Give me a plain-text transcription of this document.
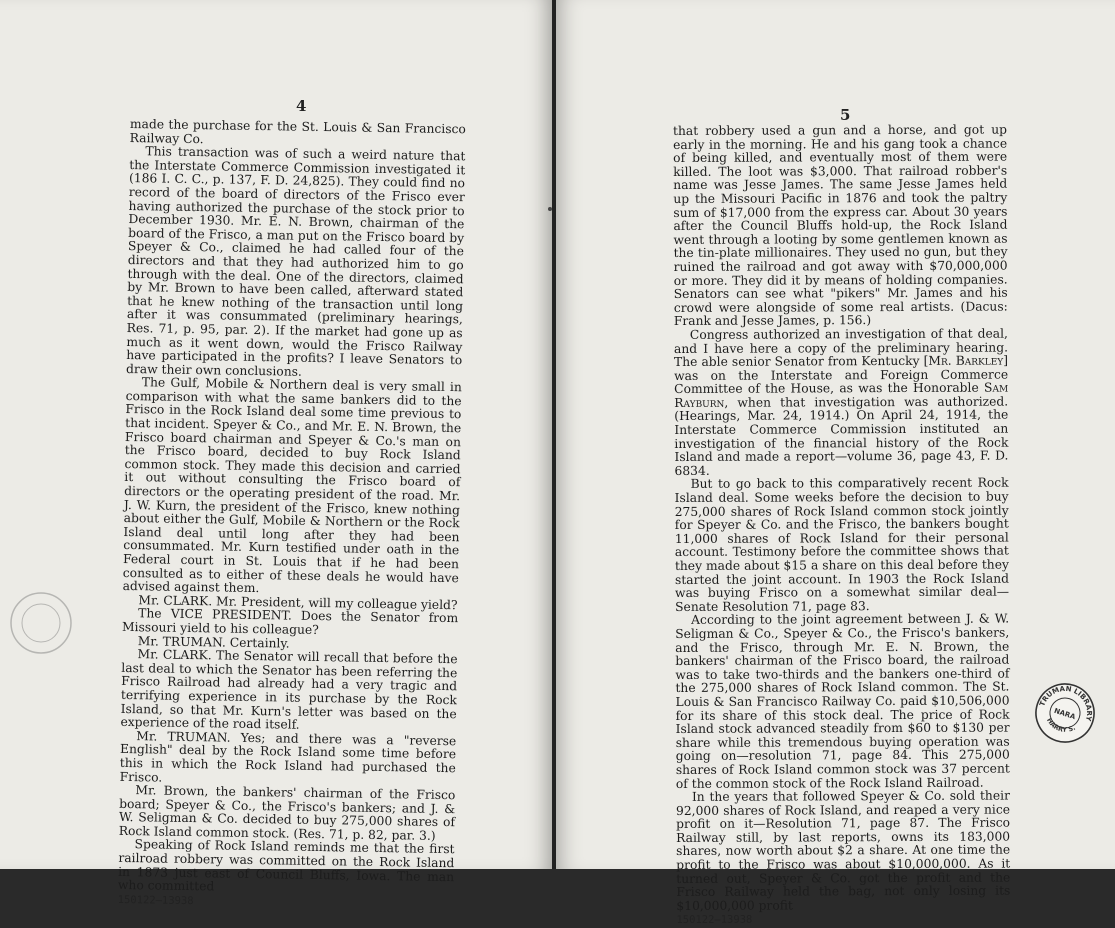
4

made the purchase for the St. Louis & San Francisco Railway Co.

This transaction was of such a weird nature that the Interstate Commerce Commission investigated it (186 I. C. C., p. 137, F. D. 24,825). They could find no record of the board of directors of the Frisco ever having authorized the purchase of the stock prior to December 1930. Mr. E. N. Brown, chairman of the board of the Frisco, a man put on the Frisco board by Speyer & Co., claimed he had called four of the directors and that they had authorized him to go through with the deal. One of the directors, claimed by Mr. Brown to have been called, afterward stated that he knew nothing of the transaction until long after it was consummated (preliminary hearings, Res. 71, p. 95, par. 2). If the market had gone up as much as it went down, would the Frisco Railway have participated in the profits? I leave Senators to draw their own conclusions.

The Gulf, Mobile & Northern deal is very small in comparison with what the same bankers did to the Frisco in the Rock Island deal some time previous to that incident. Speyer & Co., and Mr. E. N. Brown, the Frisco board chairman and Speyer & Co.'s man on the Frisco board, decided to buy Rock Island common stock. They made this decision and carried it out without consulting the Frisco board of directors or the operating president of the road. Mr. J. W. Kurn, the president of the Frisco, knew nothing about either the Gulf, Mobile & Northern or the Rock Island deal until long after they had been consummated. Mr. Kurn testified under oath in the Federal court in St. Louis that if he had been consulted as to either of these deals he would have advised against them.

Mr. CLARK. Mr. President, will my colleague yield?

The VICE PRESIDENT. Does the Senator from Missouri yield to his colleague?

Mr. TRUMAN. Certainly.

Mr. CLARK. The Senator will recall that before the last deal to which the Senator has been referring the Frisco Railroad had already had a very tragic and terrifying experience in its purchase by the Rock Island, so that Mr. Kurn's letter was based on the experience of the road itself.

Mr. TRUMAN. Yes; and there was a "reverse English" deal by the Rock Island some time before this in which the Rock Island had purchased the Frisco.

Mr. Brown, the bankers' chairman of the Frisco board; Speyer & Co., the Frisco's bankers; and J. & W. Seligman & Co. decided to buy 275,000 shares of Rock Island common stock. (Res. 71, p. 82, par. 3.)

Speaking of Rock Island reminds me that the first railroad robbery was committed on the Rock Island in 1873 just east of Council Bluffs, Iowa. The man who committed

150122—13938
5

that robbery used a gun and a horse, and got up early in the morning. He and his gang took a chance of being killed, and eventually most of them were killed. The loot was $3,000. That railroad robber's name was Jesse James. The same Jesse James held up the Missouri Pacific in 1876 and took the paltry sum of $17,000 from the express car. About 30 years after the Council Bluffs hold-up, the Rock Island went through a looting by some gentlemen known as the tin-plate millionaires. They used no gun, but they ruined the railroad and got away with $70,000,000 or more. They did it by means of holding companies. Senators can see what "pikers" Mr. James and his crowd were alongside of some real artists. (Dacus: Frank and Jesse James, p. 156.)

Congress authorized an investigation of that deal, and I have here a copy of the preliminary hearing. The able senior Senator from Kentucky [Mr. Barkley] was on the Interstate and Foreign Commerce Committee of the House, as was the Honorable Sam Rayburn, when that investigation was authorized. (Hearings, Mar. 24, 1914.) On April 24, 1914, the Interstate Commerce Commission instituted an investigation of the financial history of the Rock Island and made a report—volume 36, page 43, F. D. 6834.

But to go back to this comparatively recent Rock Island deal. Some weeks before the decision to buy 275,000 shares of Rock Island common stock jointly for Speyer & Co. and the Frisco, the bankers bought 11,000 shares of Rock Island for their personal account. Testimony before the committee shows that they made about $15 a share on this deal before they started the joint account. In 1903 the Rock Island was buying Frisco on a somewhat similar deal—Senate Resolution 71, page 83.

According to the joint agreement between J. & W. Seligman & Co., Speyer & Co., the Frisco's bankers, and the Frisco, through Mr. E. N. Brown, the bankers' chairman of the Frisco board, the railroad was to take two-thirds and the bankers one-third of the 275,000 shares of Rock Island common. The St. Louis & San Francisco Railway Co. paid $10,506,000 for its share of this stock deal. The price of Rock Island stock advanced steadily from $60 to $130 per share while this tremendous buying operation was going on—resolution 71, page 84. This 275,000 shares of Rock Island common stock was 37 percent of the common stock of the Rock Island Railroad.

In the years that followed Speyer & Co. sold their 92,000 shares of Rock Island, and reaped a very nice profit on it—Resolution 71, page 87. The Frisco Railway still, by last reports, owns its 183,000 shares, now worth about $2 a share. At one time the profit to the Frisco was about $10,000,000. As it turned out, Speyer & Co. got the profit and the Frisco Railway held the bag, not only losing its $10,000,000 profit

150122—13938
TRUMAN LIBRARY
HARRY S.
NARA
